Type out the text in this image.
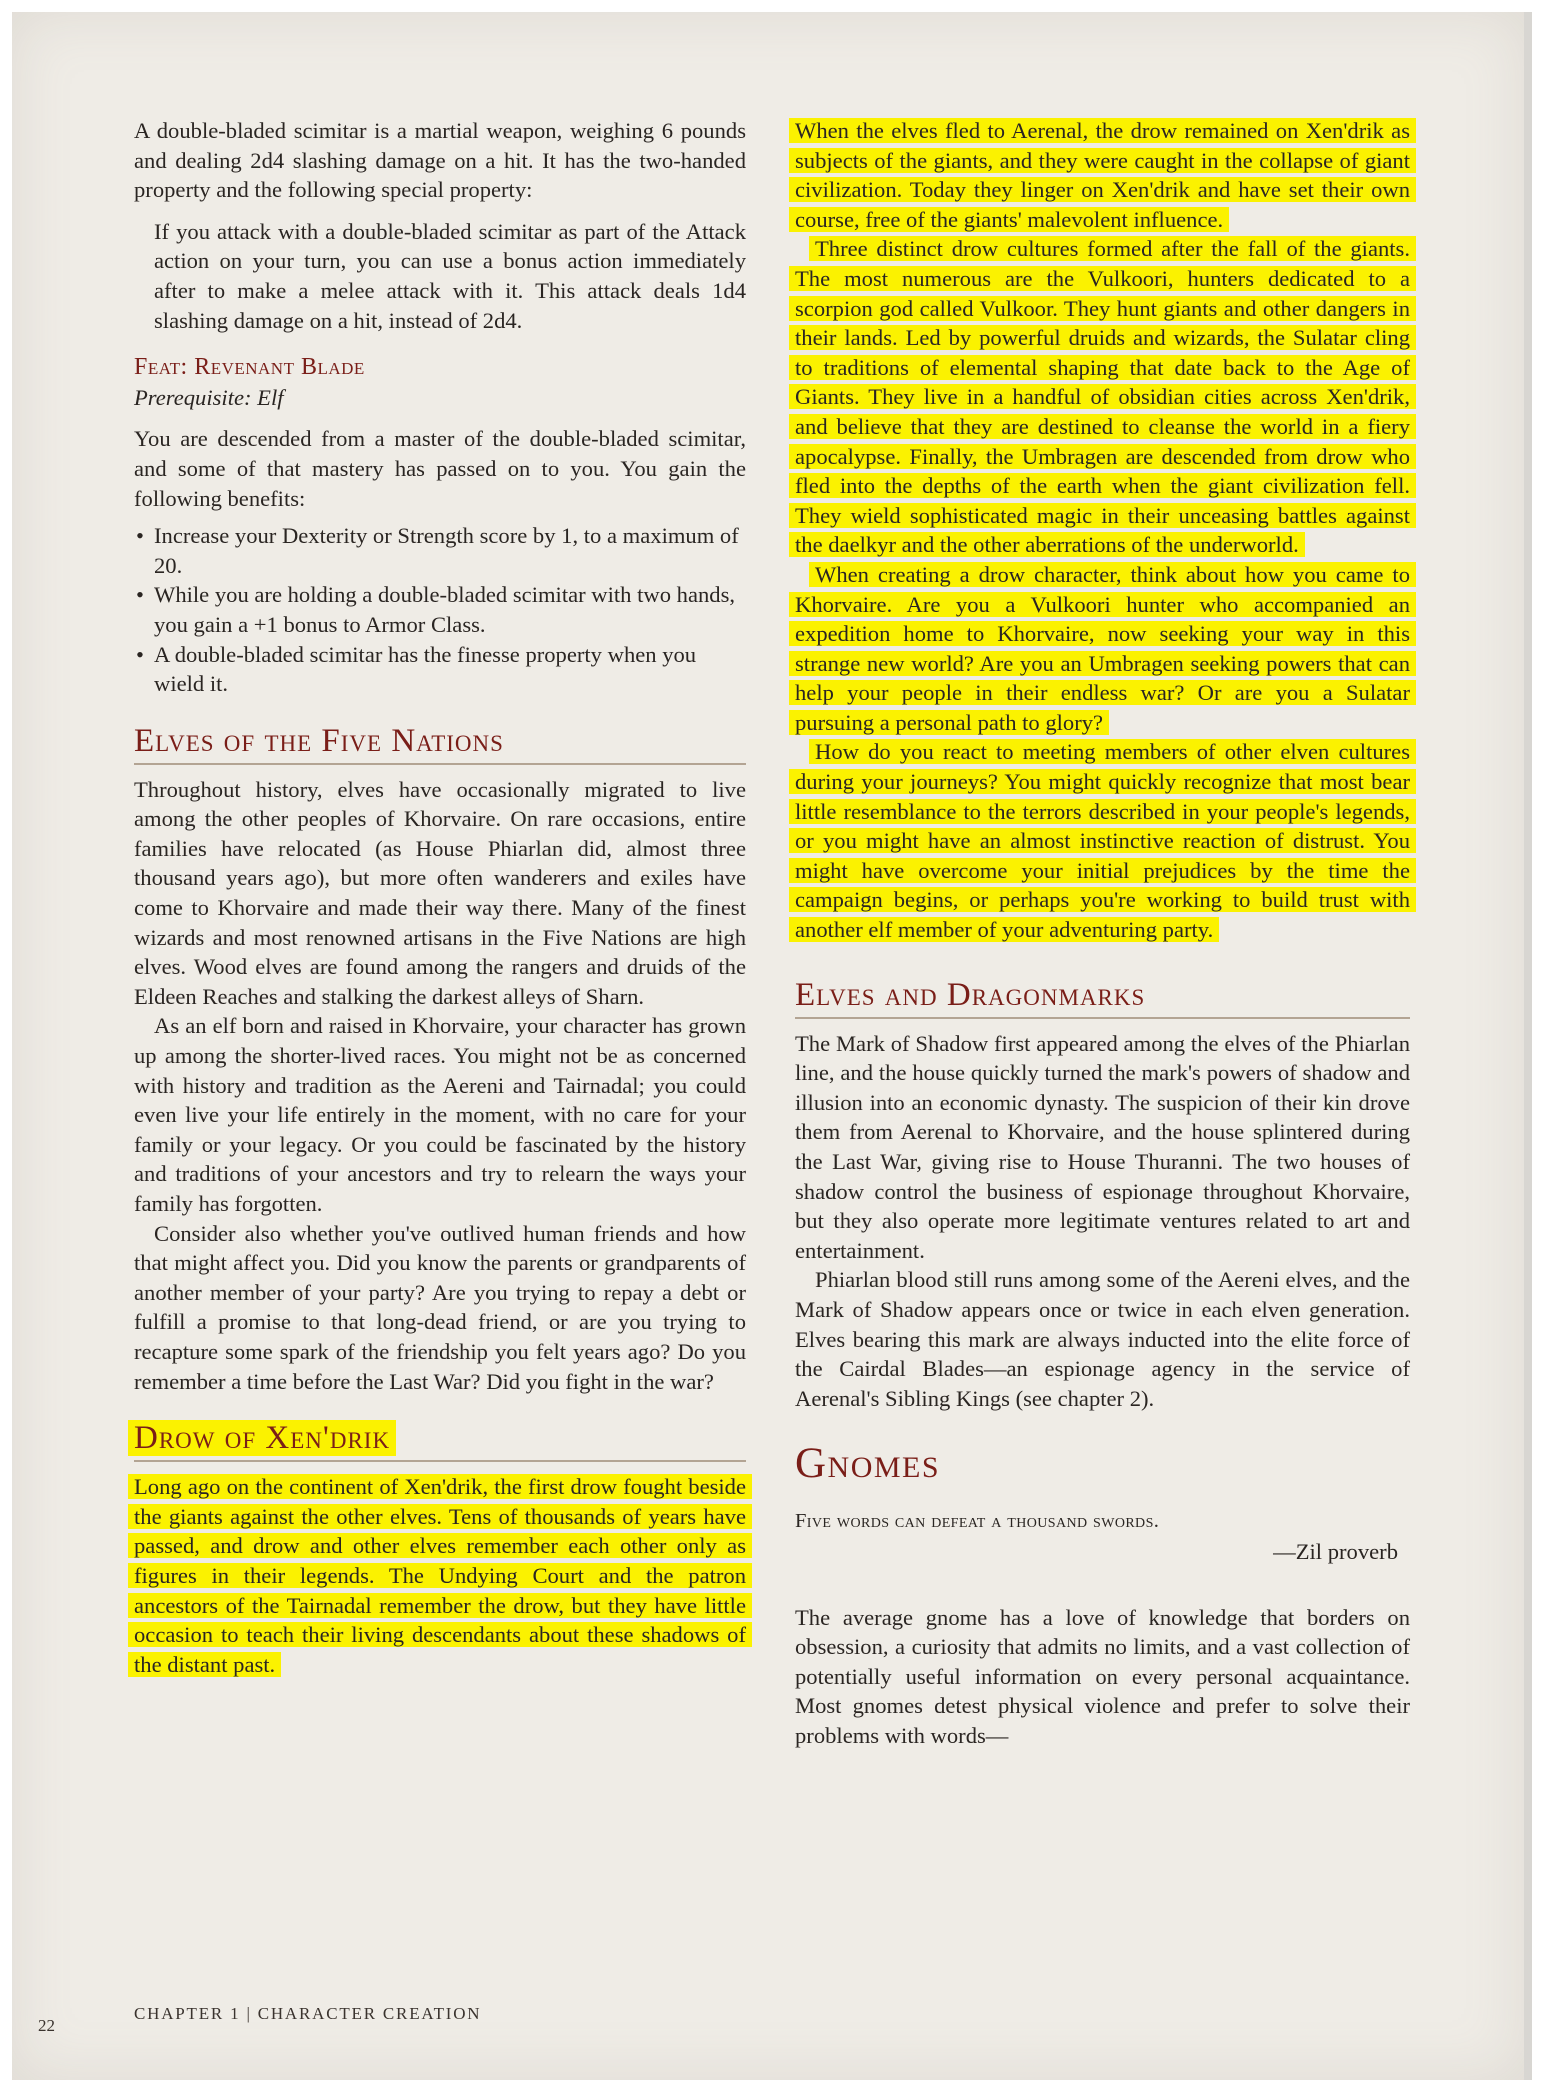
A double-bladed scimitar is a martial weapon, weighing 6 pounds and dealing 2d4 slashing damage on a hit. It has the two-handed property and the following special property:

If you attack with a double-bladed scimitar as part of the Attack action on your turn, you can use a bonus action immediately after to make a melee attack with it. This attack deals 1d4 slashing damage on a hit, instead of 2d4.

Feat: Revenant Blade

Prerequisite: Elf

You are descended from a master of the double-bladed scimitar, and some of that mastery has passed on to you. You gain the following benefits:

• Increase your Dexterity or Strength score by 1, to a maximum of 20.
• While you are holding a double-bladed scimitar with two hands, you gain a +1 bonus to Armor Class.
• A double-bladed scimitar has the finesse property when you wield it.
Elves of the Five Nations

Throughout history, elves have occasionally migrated to live among the other peoples of Khorvaire. On rare occasions, entire families have relocated (as House Phiarlan did, almost three thousand years ago), but more often wanderers and exiles have come to Khorvaire and made their way there. Many of the finest wizards and most renowned artisans in the Five Nations are high elves. Wood elves are found among the rangers and druids of the Eldeen Reaches and stalking the darkest alleys of Sharn.

As an elf born and raised in Khorvaire, your character has grown up among the shorter-lived races. You might not be as concerned with history and tradition as the Aereni and Tairnadal; you could even live your life entirely in the moment, with no care for your family or your legacy. Or you could be fascinated by the history and traditions of your ancestors and try to relearn the ways your family has forgotten.

Consider also whether you've outlived human friends and how that might affect you. Did you know the parents or grandparents of another member of your party? Are you trying to repay a debt or fulfill a promise to that long-dead friend, or are you trying to recapture some spark of the friendship you felt years ago? Do you remember a time before the Last War? Did you fight in the war?

Drow of Xen'drik

Long ago on the continent of Xen'drik, the first drow fought beside the giants against the other elves. Tens of thousands of years have passed, and drow and other elves remember each other only as figures in their legends. The Undying Court and the patron ancestors of the Tairnadal remember the drow, but they have little occasion to teach their living descendants about these shadows of the distant past.

When the elves fled to Aerenal, the drow remained on Xen'drik as subjects of the giants, and they were caught in the collapse of giant civilization. Today they linger on Xen'drik and have set their own course, free of the giants' malevolent influence.

Three distinct drow cultures formed after the fall of the giants. The most numerous are the Vulkoori, hunters dedicated to a scorpion god called Vulkoor. They hunt giants and other dangers in their lands. Led by powerful druids and wizards, the Sulatar cling to traditions of elemental shaping that date back to the Age of Giants. They live in a handful of obsidian cities across Xen'drik, and believe that they are destined to cleanse the world in a fiery apocalypse. Finally, the Umbragen are descended from drow who fled into the depths of the earth when the giant civilization fell. They wield sophisticated magic in their unceasing battles against the daelkyr and the other aberrations of the underworld.

When creating a drow character, think about how you came to Khorvaire. Are you a Vulkoori hunter who accompanied an expedition home to Khorvaire, now seeking your way in this strange new world? Are you an Umbragen seeking powers that can help your people in their endless war? Or are you a Sulatar pursuing a personal path to glory?

How do you react to meeting members of other elven cultures during your journeys? You might quickly recognize that most bear little resemblance to the terrors described in your people's legends, or you might have an almost instinctive reaction of distrust. You might have overcome your initial prejudices by the time the campaign begins, or perhaps you're working to build trust with another elf member of your adventuring party.

Elves and Dragonmarks

The Mark of Shadow first appeared among the elves of the Phiarlan line, and the house quickly turned the mark's powers of shadow and illusion into an economic dynasty. The suspicion of their kin drove them from Aerenal to Khorvaire, and the house splintered during the Last War, giving rise to House Thuranni. The two houses of shadow control the business of espionage throughout Khorvaire, but they also operate more legitimate ventures related to art and entertainment.

Phiarlan blood still runs among some of the Aereni elves, and the Mark of Shadow appears once or twice in each elven generation. Elves bearing this mark are always inducted into the elite force of the Cairdal Blades—an espionage agency in the service of Aerenal's Sibling Kings (see chapter 2).

Gnomes

Five words can defeat a thousand swords.

—Zil proverb

The average gnome has a love of knowledge that borders on obsession, a curiosity that admits no limits, and a vast collection of potentially useful information on every personal acquaintance. Most gnomes detest physical violence and prefer to solve their problems with words—

CHAPTER 1 | CHARACTER CREATION
22
